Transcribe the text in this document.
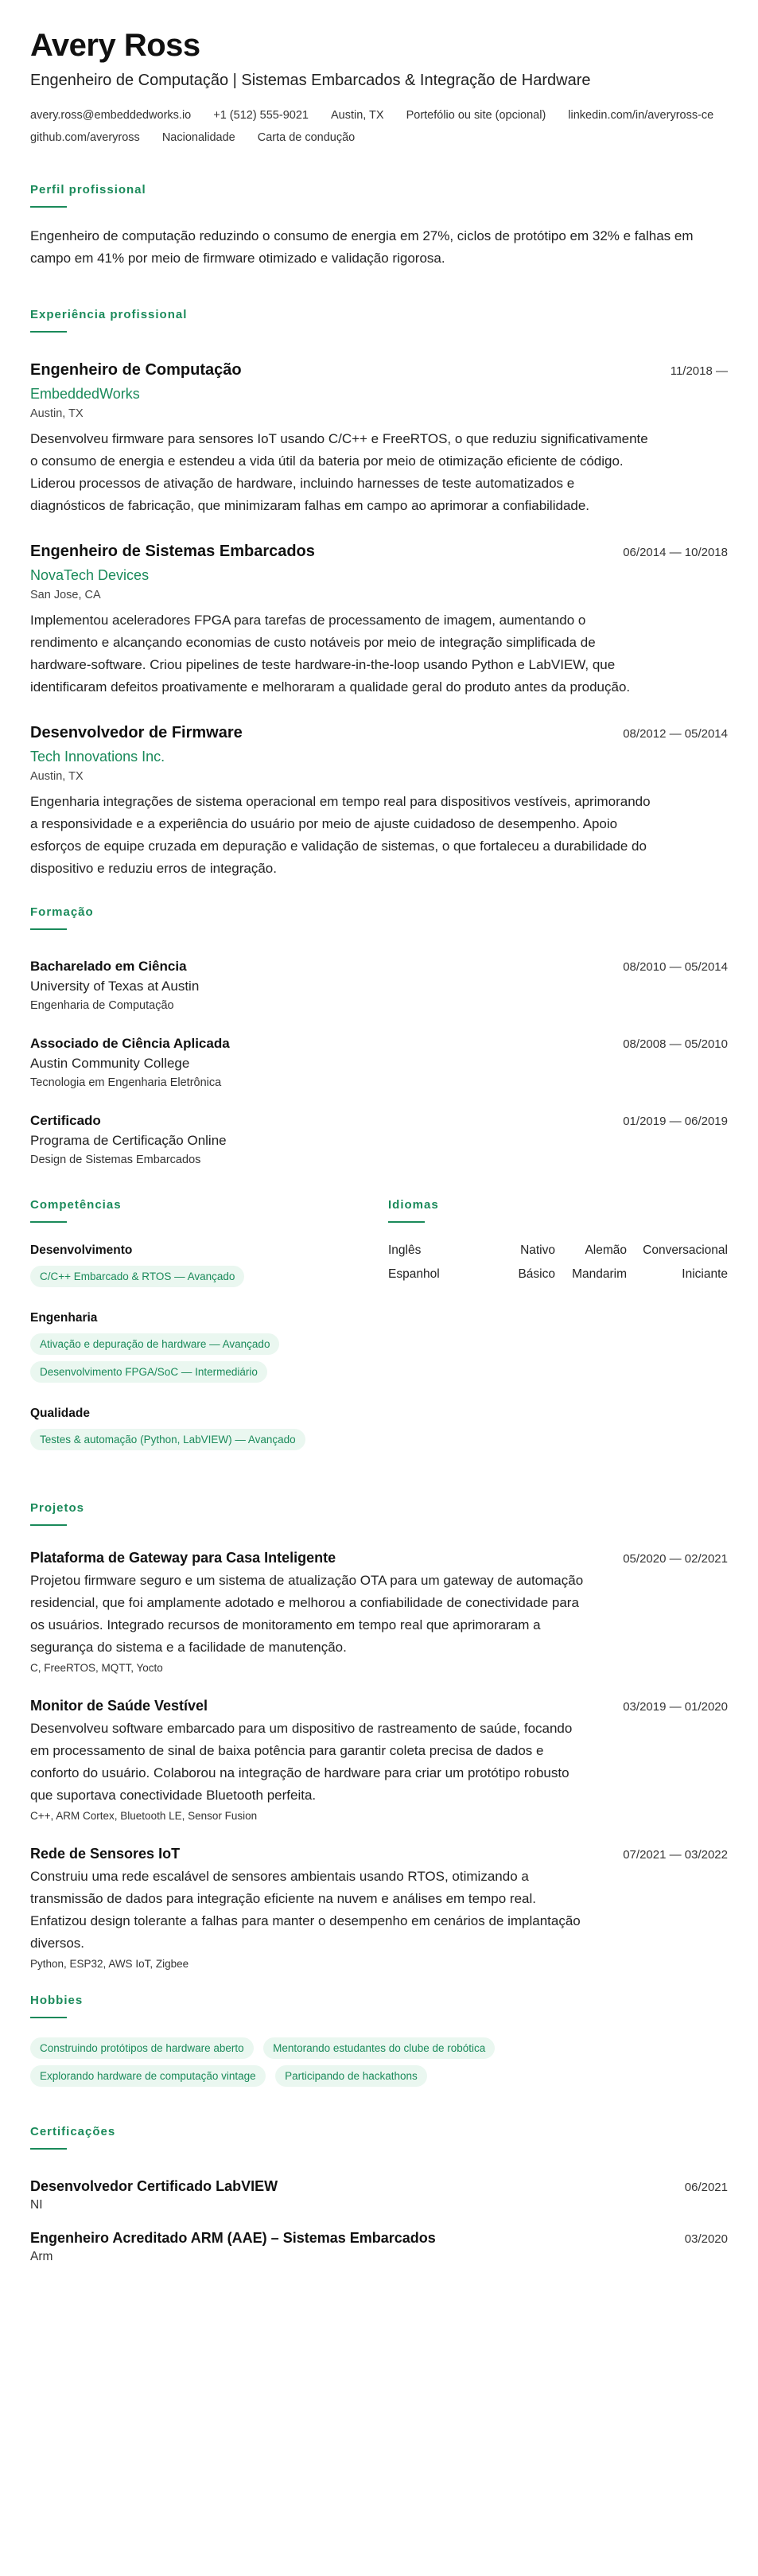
Avery Ross
Engenheiro de Computação | Sistemas Embarcados & Integração de Hardware
avery.ross@embeddedworks.io +1 (512) 555-9021 Austin, TX Portefólio ou site (opcional) linkedin.com/in/averyross-ce
github.com/averyross Nacionalidade Carta de condução
Perfil profissional
Engenheiro de computação reduzindo o consumo de energia em 27%, ciclos de protótipo em 32% e falhas em campo em 41% por meio de firmware otimizado e validação rigorosa.
Experiência profissional
Engenheiro de Computação	11/2018 —
EmbeddedWorks
Austin, TX
Desenvolveu firmware para sensores IoT usando C/C++ e FreeRTOS, o que reduziu significativamente o consumo de energia e estendeu a vida útil da bateria por meio de otimização eficiente de código. Liderou processos de ativação de hardware, incluindo harnesses de teste automatizados e diagnósticos de fabricação, que minimizaram falhas em campo ao aprimorar a confiabilidade.
Engenheiro de Sistemas Embarcados	06/2014 — 10/2018
NovaTech Devices
San Jose, CA
Implementou aceleradores FPGA para tarefas de processamento de imagem, aumentando o rendimento e alcançando economias de custo notáveis por meio de integração simplificada de hardware-software. Criou pipelines de teste hardware-in-the-loop usando Python e LabVIEW, que identificaram defeitos proativamente e melhoraram a qualidade geral do produto antes da produção.
Desenvolvedor de Firmware	08/2012 — 05/2014
Tech Innovations Inc.
Austin, TX
Engenharia integrações de sistema operacional em tempo real para dispositivos vestíveis, aprimorando a responsividade e a experiência do usuário por meio de ajuste cuidadoso de desempenho. Apoio esforços de equipe cruzada em depuração e validação de sistemas, o que fortaleceu a durabilidade do dispositivo e reduziu erros de integração.
Formação
Bacharelado em Ciência	08/2010 — 05/2014
University of Texas at Austin
Engenharia de Computação
Associado de Ciência Aplicada	08/2008 — 05/2010
Austin Community College
Tecnologia em Engenharia Eletrônica
Certificado	01/2019 — 06/2019
Programa de Certificação Online
Design de Sistemas Embarcados
Competências
Desenvolvimento
C/C++ Embarcado & RTOS — Avançado
Engenharia
Ativação e depuração de hardware — Avançado
Desenvolvimento FPGA/SoC — Intermediário
Qualidade
Testes & automação (Python, LabVIEW) — Avançado
Idiomas
Inglês	Nativo	Alemão	Conversacional
Espanhol	Básico	Mandarim	Iniciante
Projetos
Plataforma de Gateway para Casa Inteligente	05/2020 — 02/2021
Projetou firmware seguro e um sistema de atualização OTA para um gateway de automação residencial, que foi amplamente adotado e melhorou a confiabilidade de conectividade para os usuários. Integrado recursos de monitoramento em tempo real que aprimoraram a segurança do sistema e a facilidade de manutenção.
C, FreeRTOS, MQTT, Yocto
Monitor de Saúde Vestível	03/2019 — 01/2020
Desenvolveu software embarcado para um dispositivo de rastreamento de saúde, focando em processamento de sinal de baixa potência para garantir coleta precisa de dados e conforto do usuário. Colaborou na integração de hardware para criar um protótipo robusto que suportava conectividade Bluetooth perfeita.
C++, ARM Cortex, Bluetooth LE, Sensor Fusion
Rede de Sensores IoT	07/2021 — 03/2022
Construiu uma rede escalável de sensores ambientais usando RTOS, otimizando a transmissão de dados para integração eficiente na nuvem e análises em tempo real. Enfatizou design tolerante a falhas para manter o desempenho em cenários de implantação diversos.
Python, ESP32, AWS IoT, Zigbee
Hobbies
Construindo protótipos de hardware aberto	Mentorando estudantes do clube de robótica
Explorando hardware de computação vintage	Participando de hackathons
Certificações
Desenvolvedor Certificado LabVIEW	06/2021
NI
Engenheiro Acreditado ARM (AAE) – Sistemas Embarcados	03/2020
Arm
